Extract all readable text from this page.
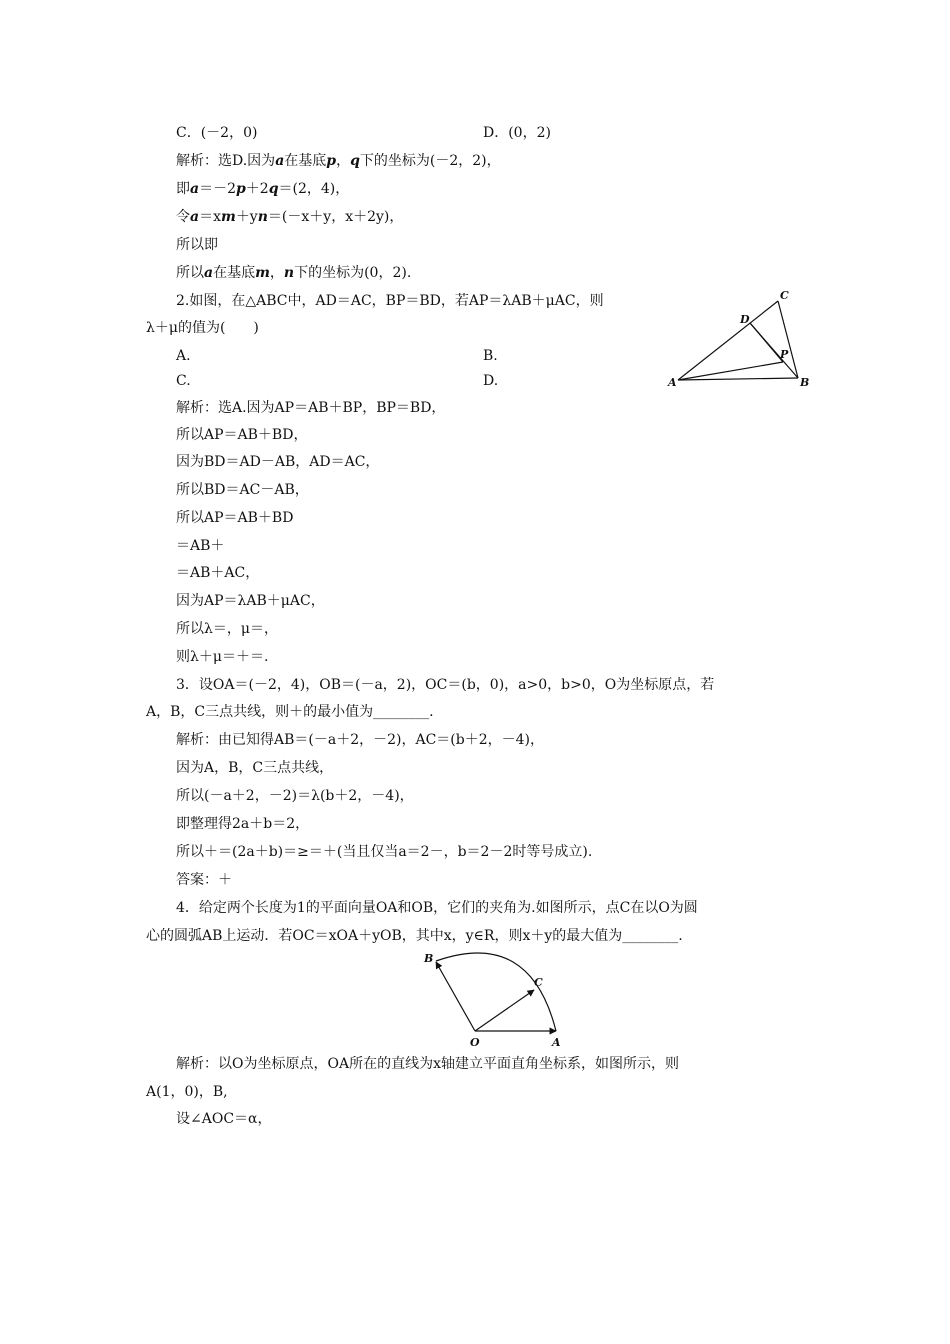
C．(－2，0)	D．(0，2)
解析：选D.因为a在基底p，q下的坐标为(－2，2)，
即a＝－2p＋2q＝(2，4)，
令a＝xm＋yn＝(－x＋y，x＋2y)，
所以即
所以a在基底m，n下的坐标为(0，2).
2.如图，在△ABC中，AD＝AC，BP＝BD，若AP＝λAB＋μAC，则
λ＋μ的值为(　　)
A.	B.
C.	D.	A	B
C
D
P
解析：选A.因为AP＝AB＋BP，BP＝BD，
所以AP＝AB＋BD，
因为BD＝AD－AB，AD＝AC，
所以BD＝AC－AB，
所以AP＝AB＋BD
＝AB＋
＝AB＋AC，
因为AP＝λAB＋μAC，
所以λ＝，μ＝，
则λ＋μ＝＋＝.
3．设OA＝(－2，4)，OB＝(－a，2)，OC＝(b，0)，a>0，b>0，O为坐标原点，若
A，B，C三点共线，则＋的最小值为________.
解析：由已知得AB＝(－a＋2，－2)，AC＝(b＋2，－4)，
因为A，B，C三点共线，
所以(－a＋2，－2)＝λ(b＋2，－4)，
即整理得2a＋b＝2，
所以＋＝(2a＋b)＝≥＝＋(当且仅当a＝2－，b＝2－2时等号成立).
答案：＋
4．给定两个长度为1的平面向量OA和OB，它们的夹角为.如图所示，点C在以O为圆
心的圆弧AB上运动．若OC＝xOA＋yOB，其中x，y∈R，则x＋y的最大值为________.
O	A
B
C
解析：以O为坐标原点，OA所在的直线为x轴建立平面直角坐标系，如图所示，则
A(1，0)，B,
设∠AOC＝α，
